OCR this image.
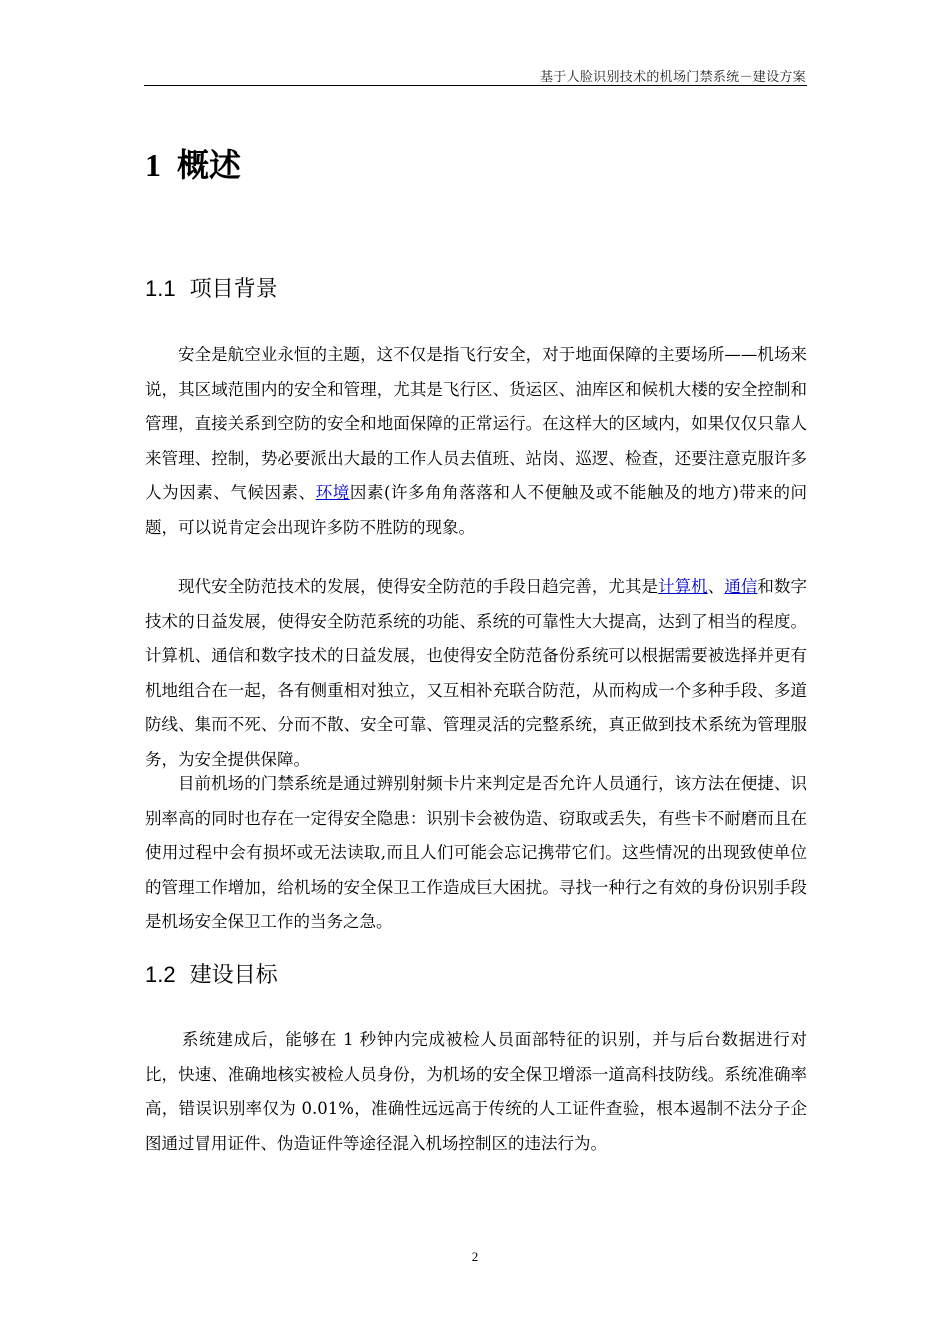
基于人脸识别技术的机场门禁系统－建设方案
1 概述
1.1 项目背景

安全是航空业永恒的主题，这不仅是指飞行安全，对于地面保障的主要场所——机场来说，其区域范围内的安全和管理，尤其是飞行区、货运区、油库区和候机大楼的安全控制和管理，直接关系到空防的安全和地面保障的正常运行。在这样大的区域内，如果仅仅只靠人来管理、控制，势必要派出大最的工作人员去值班、站岗、巡逻、检查，还要注意克服许多人为因素、气候因素、环境因素(许多角角落落和人不便触及或不能触及的地方)带来的问题，可以说肯定会出现许多防不胜防的现象。

现代安全防范技术的发展，使得安全防范的手段日趋完善，尤其是计算机、通信和数字技术的日益发展，使得安全防范系统的功能、系统的可靠性大大提高，达到了相当的程度。计算机、通信和数字技术的日益发展，也使得安全防范备份系统可以根据需要被选择并更有机地组合在一起，各有侧重相对独立，又互相补充联合防范，从而构成一个多种手段、多道防线、集而不死、分而不散、安全可靠、管理灵活的完整系统，真正做到技术系统为管理服务，为安全提供保障。

目前机场的门禁系统是通过辨别射频卡片来判定是否允许人员通行，该方法在便捷、识别率高的同时也存在一定得安全隐患：识别卡会被伪造、窃取或丢失，有些卡不耐磨而且在使用过程中会有损坏或无法读取,而且人们可能会忘记携带它们。这些情况的出现致使单位的管理工作增加，给机场的安全保卫工作造成巨大困扰。寻找一种行之有效的身份识别手段是机场安全保卫工作的当务之急。

1.2 建设目标

系统建成后，能够在 1 秒钟内完成被检人员面部特征的识别，并与后台数据进行对比，快速、准确地核实被检人员身份，为机场的安全保卫增添一道高科技防线。系统准确率高，错误识别率仅为 0.01%，准确性远远高于传统的人工证件查验，根本遏制不法分子企图通过冒用证件、伪造证件等途径混入机场控制区的违法行为。

2
